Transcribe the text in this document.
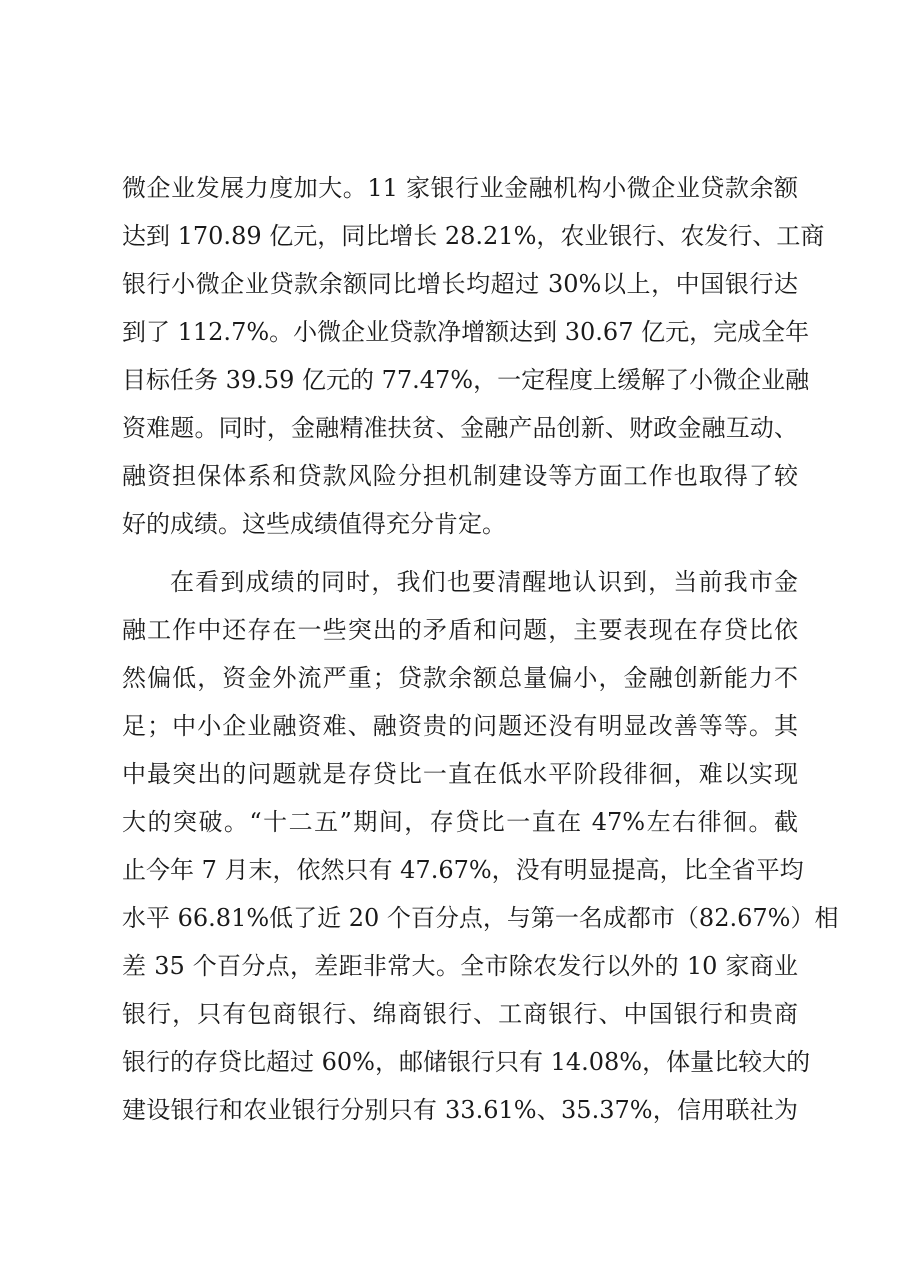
微企业发展力度加大。11 家银行业金融机构小微企业贷款余额
达到 170.89 亿元，同比增长 28.21%，农业银行、农发行、工商
银行小微企业贷款余额同比增长均超过 30%以上，中国银行达
到了 112.7%。小微企业贷款净增额达到 30.67 亿元，完成全年
目标任务 39.59 亿元的 77.47%，一定程度上缓解了小微企业融
资难题。同时，金融精准扶贫、金融产品创新、财政金融互动、
融资担保体系和贷款风险分担机制建设等方面工作也取得了较
好的成绩。这些成绩值得充分肯定。
在看到成绩的同时，我们也要清醒地认识到，当前我市金
融工作中还存在一些突出的矛盾和问题，主要表现在存贷比依
然偏低，资金外流严重；贷款余额总量偏小，金融创新能力不
足；中小企业融资难、融资贵的问题还没有明显改善等等。其
中最突出的问题就是存贷比一直在低水平阶段徘徊，难以实现
大的突破。“十二五”期间，存贷比一直在 47%左右徘徊。截
止今年 7 月末，依然只有 47.67%，没有明显提高，比全省平均
水平 66.81%低了近 20 个百分点，与第一名成都市（82.67%）相
差 35 个百分点，差距非常大。全市除农发行以外的 10 家商业
银行，只有包商银行、绵商银行、工商银行、中国银行和贵商
银行的存贷比超过 60%，邮储银行只有 14.08%，体量比较大的
建设银行和农业银行分别只有 33.61%、35.37%，信用联社为
